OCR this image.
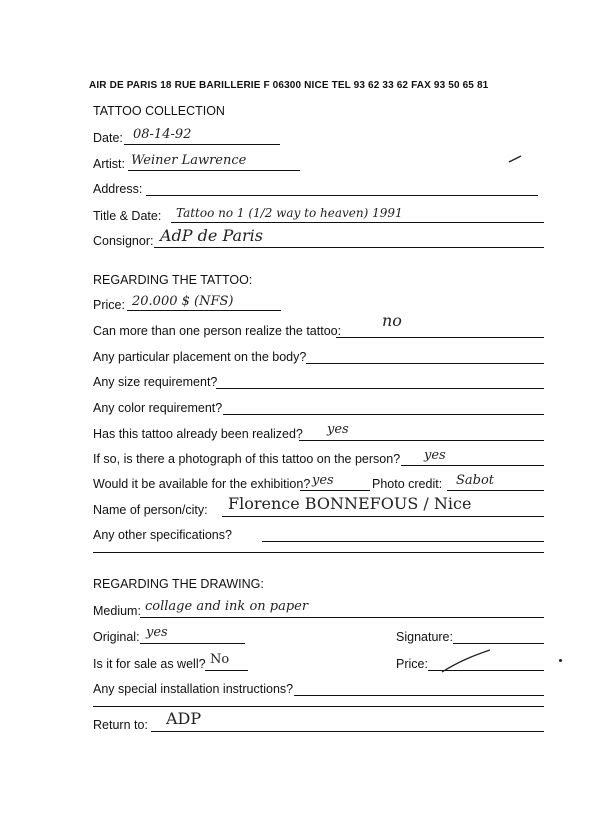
AIR DE PARIS 18 RUE BARILLERIE F 06300 NICE TEL 93 62 33 62 FAX 93 50 65 81
TATTOO COLLECTION
Date: 08-14-92
Artist: Weiner Lawrence
Address:
Title & Date: Tattoo no 1 (1/2 way to heaven) 1991
Consignor: AdP de Paris
REGARDING THE TATTOO:
Price: 20.000 $ (NFS)
Can more than one person realize the tattoo:
no
Any particular placement on the body?
Any size requirement?
Any color requirement?
Has this tattoo already been realized? yes
If so, is there a photograph of this tattoo on the person? yes
Would it be available for the exhibition? yes	Photo credit: Sabot
Name of person/city: Florence BONNEFOUS / Nice
Any other specifications?
REGARDING THE DRAWING:
Medium: collage and ink on paper
Original: yes	Signature:
Is it for sale as well? No	Price:
Any special installation instructions?
Return to: ADP
